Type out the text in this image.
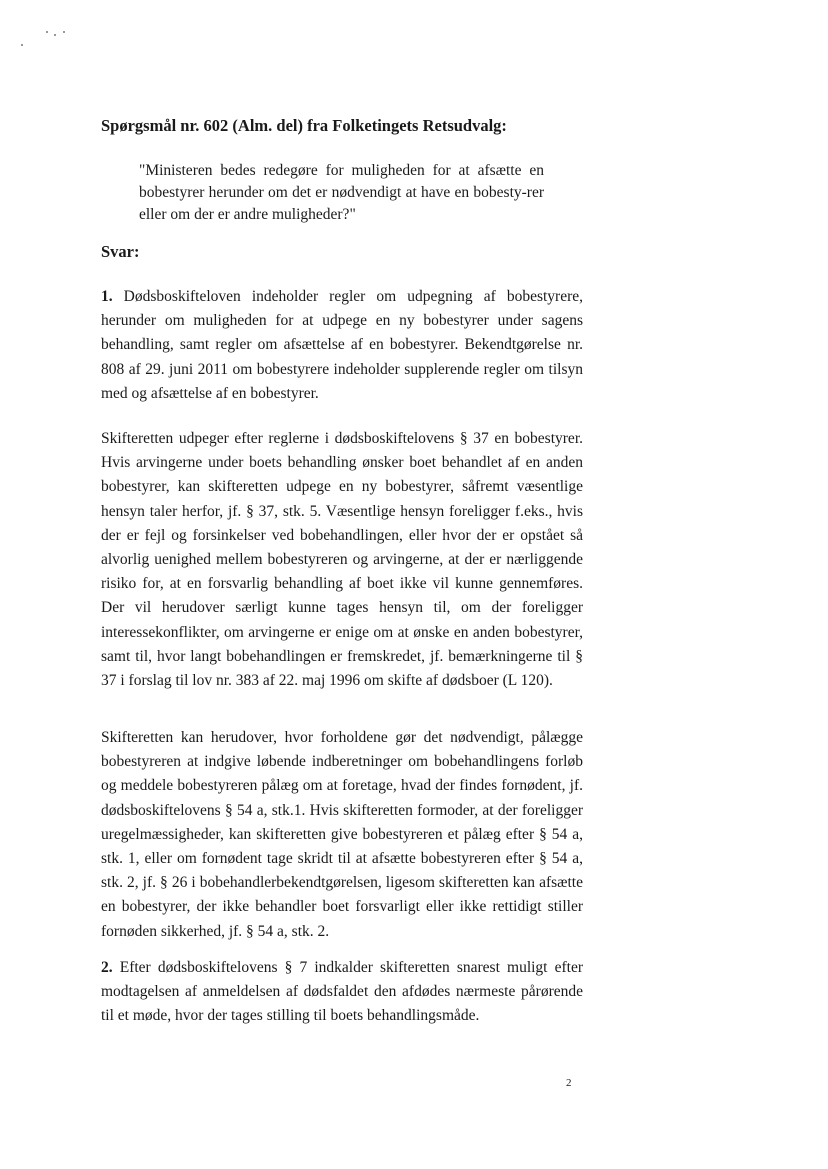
Spørgsmål nr. 602 (Alm. del) fra Folketingets Retsudvalg:
"Ministeren bedes redegøre for muligheden for at afsætte en bobestyrer herunder om det er nødvendigt at have en bobesty-rer eller om der er andre muligheder?"
Svar:
1. Dødsboskifteloven indeholder regler om udpegning af bobestyrere, herunder om muligheden for at udpege en ny bobestyrer under sagens behandling, samt regler om afsættelse af en bobestyrer. Bekendtgørelse nr. 808 af 29. juni 2011 om bobestyrere indeholder supplerende regler om tilsyn med og afsættelse af en bobestyrer.
Skifteretten udpeger efter reglerne i dødsboskiftelovens § 37 en bobestyrer. Hvis arvingerne under boets behandling ønsker boet behandlet af en anden bobestyrer, kan skifteretten udpege en ny bobestyrer, såfremt væsentlige hensyn taler herfor, jf. § 37, stk. 5. Væsentlige hensyn foreligger f.eks., hvis der er fejl og forsinkelser ved bobehandlingen, eller hvor der er opstået så alvorlig uenighed mellem bobestyreren og arvingerne, at der er nærliggende risiko for, at en forsvarlig behandling af boet ikke vil kunne gennemføres. Der vil herudover særligt kunne tages hensyn til, om der foreligger interessekonflikter, om arvingerne er enige om at ønske en anden bobestyrer, samt til, hvor langt bobehandlingen er fremskredet, jf. bemærkningerne til § 37 i forslag til lov nr. 383 af 22. maj 1996 om skifte af dødsboer (L 120).
Skifteretten kan herudover, hvor forholdene gør det nødvendigt, pålægge bobestyreren at indgive løbende indberetninger om bobehandlingens forløb og meddele bobestyreren pålæg om at foretage, hvad der findes fornødent, jf. dødsboskiftelovens § 54 a, stk.1. Hvis skifteretten formoder, at der foreligger uregelmæssigheder, kan skifteretten give bobestyreren et pålæg efter § 54 a, stk. 1, eller om fornødent tage skridt til at afsætte bobestyreren efter § 54 a, stk. 2, jf. § 26 i bobehandlerbekendtgørelsen, ligesom skifteretten kan afsætte en bobestyrer, der ikke behandler boet forsvarligt eller ikke rettidigt stiller fornøden sikkerhed, jf. § 54 a, stk. 2.
2. Efter dødsboskiftelovens § 7 indkalder skifteretten snarest muligt efter modtagelsen af anmeldelsen af dødsfaldet den afdødes nærmeste pårørende til et møde, hvor der tages stilling til boets behandlingsmåde.
2
